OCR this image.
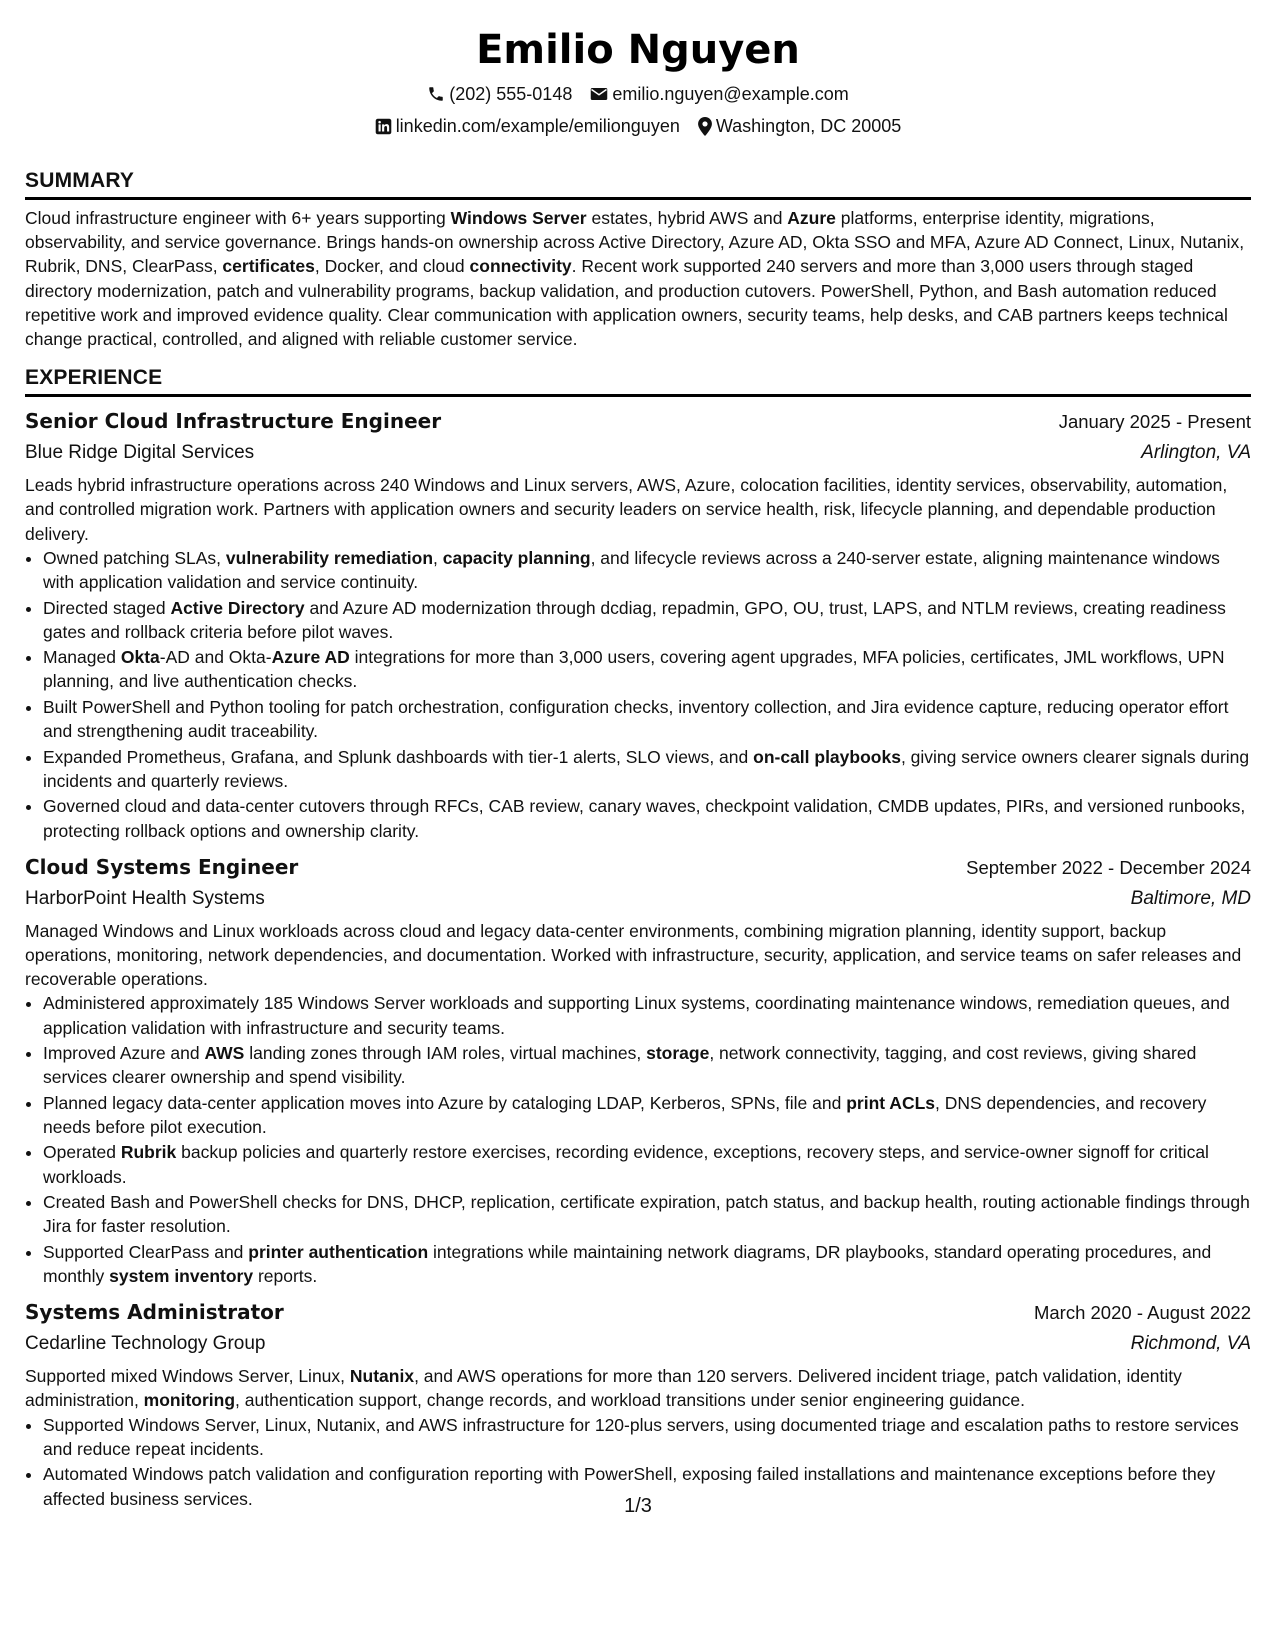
Emilio Nguyen
(202) 555-0148 emilio.nguyen@example.com
linkedin.com/example/emilionguyen Washington, DC 20005
SUMMARY

Cloud infrastructure engineer with 6+ years supporting Windows Server estates, hybrid AWS and Azure platforms, enterprise identity, migrations, observability, and service governance. Brings hands-on ownership across Active Directory, Azure AD, Okta SSO and MFA, Azure AD Connect, Linux, Nutanix, Rubrik, DNS, ClearPass, certificates, Docker, and cloud connectivity. Recent work supported 240 servers and more than 3,000 users through staged directory modernization, patch and vulnerability programs, backup validation, and production cutovers. PowerShell, Python, and Bash automation reduced repetitive work and improved evidence quality. Clear communication with application owners, security teams, help desks, and CAB partners keeps technical change practical, controlled, and aligned with reliable customer service.

EXPERIENCE
Senior Cloud Infrastructure Engineer	January 2025 - Present
Blue Ridge Digital Services	Arlington, VA
Leads hybrid infrastructure operations across 240 Windows and Linux servers, AWS, Azure, colocation facilities, identity services, observability, automation, and controlled migration work. Partners with application owners and security leaders on service health, risk, lifecycle planning, and dependable production delivery.
• Owned patching SLAs, vulnerability remediation, capacity planning, and lifecycle reviews across a 240-server estate, aligning maintenance windows with application validation and service continuity.
• Directed staged Active Directory and Azure AD modernization through dcdiag, repadmin, GPO, OU, trust, LAPS, and NTLM reviews, creating readiness gates and rollback criteria before pilot waves.
• Managed Okta-AD and Okta-Azure AD integrations for more than 3,000 users, covering agent upgrades, MFA policies, certificates, JML workflows, UPN planning, and live authentication checks.
• Built PowerShell and Python tooling for patch orchestration, configuration checks, inventory collection, and Jira evidence capture, reducing operator effort and strengthening audit traceability.
• Expanded Prometheus, Grafana, and Splunk dashboards with tier-1 alerts, SLO views, and on-call playbooks, giving service owners clearer signals during incidents and quarterly reviews.
• Governed cloud and data-center cutovers through RFCs, CAB review, canary waves, checkpoint validation, CMDB updates, PIRs, and versioned runbooks, protecting rollback options and ownership clarity.
Cloud Systems Engineer	September 2022 - December 2024
HarborPoint Health Systems	Baltimore, MD
Managed Windows and Linux workloads across cloud and legacy data-center environments, combining migration planning, identity support, backup operations, monitoring, network dependencies, and documentation. Worked with infrastructure, security, application, and service teams on safer releases and recoverable operations.
• Administered approximately 185 Windows Server workloads and supporting Linux systems, coordinating maintenance windows, remediation queues, and application validation with infrastructure and security teams.
• Improved Azure and AWS landing zones through IAM roles, virtual machines, storage, network connectivity, tagging, and cost reviews, giving shared services clearer ownership and spend visibility.
• Planned legacy data-center application moves into Azure by cataloging LDAP, Kerberos, SPNs, file and print ACLs, DNS dependencies, and recovery needs before pilot execution.
• Operated Rubrik backup policies and quarterly restore exercises, recording evidence, exceptions, recovery steps, and service-owner signoff for critical workloads.
• Created Bash and PowerShell checks for DNS, DHCP, replication, certificate expiration, patch status, and backup health, routing actionable findings through Jira for faster resolution.
• Supported ClearPass and printer authentication integrations while maintaining network diagrams, DR playbooks, standard operating procedures, and monthly system inventory reports.
Systems Administrator	March 2020 - August 2022
Cedarline Technology Group	Richmond, VA
Supported mixed Windows Server, Linux, Nutanix, and AWS operations for more than 120 servers. Delivered incident triage, patch validation, identity administration, monitoring, authentication support, change records, and workload transitions under senior engineering guidance.
• Supported Windows Server, Linux, Nutanix, and AWS infrastructure for 120-plus servers, using documented triage and escalation paths to restore services and reduce repeat incidents.
• Automated Windows patch validation and configuration reporting with PowerShell, exposing failed installations and maintenance exceptions before they affected business services.	1/3
